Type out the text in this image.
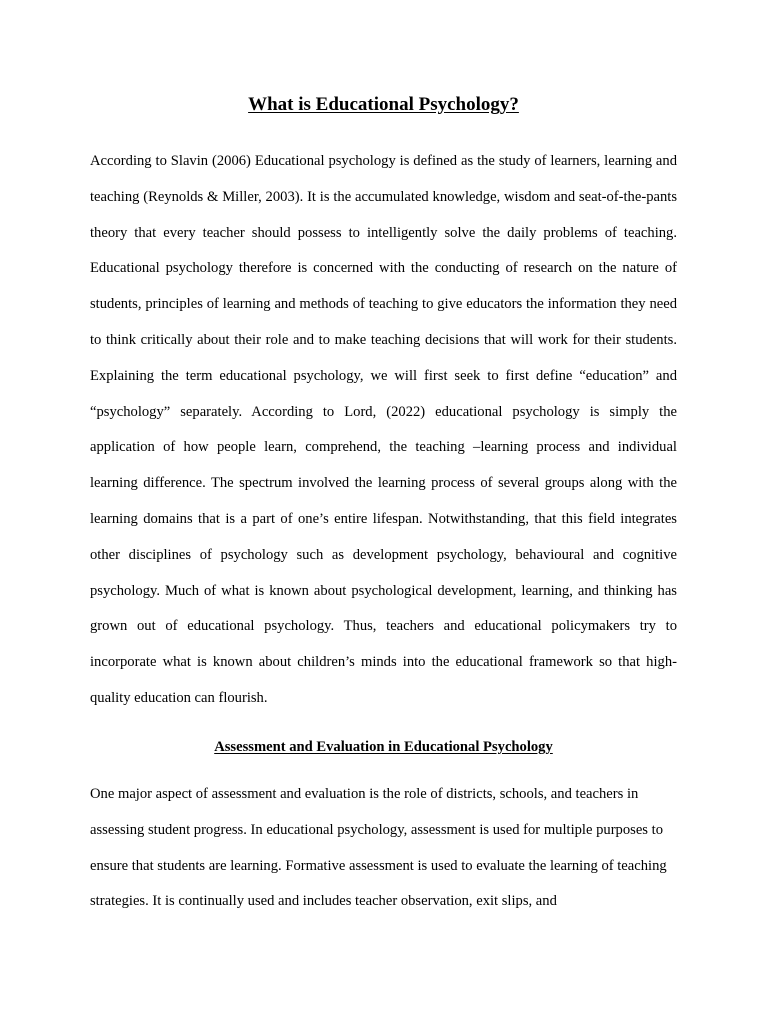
What is Educational Psychology?

According to Slavin (2006) Educational psychology is defined as the study of learners, learning and teaching (Reynolds & Miller, 2003). It is the accumulated knowledge, wisdom and seat-of-the-pants theory that every teacher should possess to intelligently solve the daily problems of teaching. Educational psychology therefore is concerned with the conducting of research on the nature of students, principles of learning and methods of teaching to give educators the information they need to think critically about their role and to make teaching decisions that will work for their students. Explaining the term educational psychology, we will first seek to first define “education” and “psychology” separately. According to Lord, (2022) educational psychology is simply the application of how people learn, comprehend, the teaching –learning process and individual learning difference. The spectrum involved the learning process of several groups along with the learning domains that is a part of one’s entire lifespan. Notwithstanding, that this field integrates other disciplines of psychology such as development psychology, behavioural and cognitive psychology. Much of what is known about psychological development, learning, and thinking has grown out of educational psychology. Thus, teachers and educational policymakers try to incorporate what is known about children’s minds into the educational framework so that high-quality education can flourish.

Assessment and Evaluation in Educational Psychology

One major aspect of assessment and evaluation is the role of districts, schools, and teachers in assessing student progress. In educational psychology, assessment is used for multiple purposes to ensure that students are learning. Formative assessment is used to evaluate the learning of teaching strategies. It is continually used and includes teacher observation, exit slips, and
